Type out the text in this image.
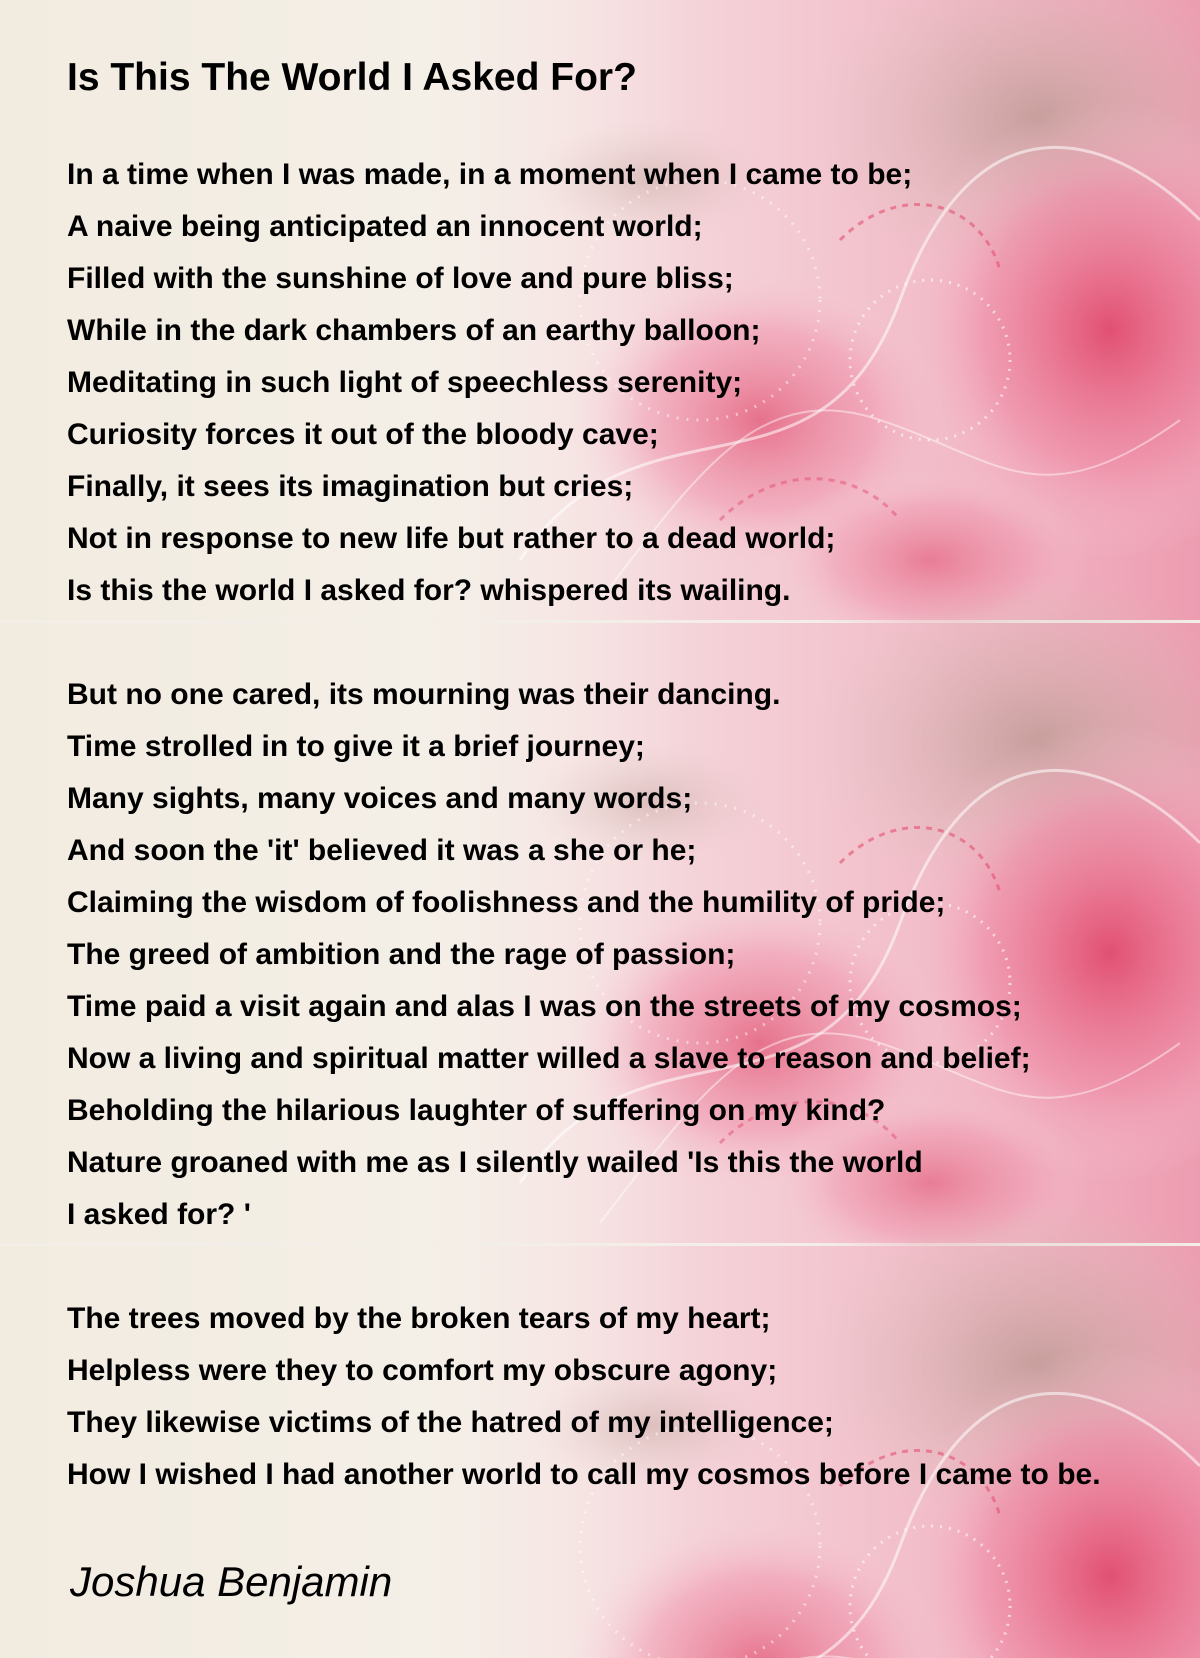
Is This The World I Asked For?
In a time when I was made, in a moment when I came to be;
A naive being anticipated an innocent world;
Filled with the sunshine of love and pure bliss;
While in the dark chambers of an earthy balloon;
Meditating in such light of speechless serenity;
Curiosity forces it out of the bloody cave;
Finally, it sees its imagination but cries;
Not in response to new life but rather to a dead world;
Is this the world I asked for? whispered its wailing.
But no one cared, its mourning was their dancing.
Time strolled in to give it a brief journey;
Many sights, many voices and many words;
And soon the 'it' believed it was a she or he;
Claiming the wisdom of foolishness and the humility of pride;
The greed of ambition and the rage of passion;
Time paid a visit again and alas I was on the streets of my cosmos;
Now a living and spiritual matter willed a slave to reason and belief;
Beholding the hilarious laughter of suffering on my kind?
Nature groaned with me as I silently wailed 'Is this the world
I asked for? '
The trees moved by the broken tears of my heart;
Helpless were they to comfort my obscure agony;
They likewise victims of the hatred of my intelligence;
How I wished I had another world to call my cosmos before I came to be.

Joshua Benjamin
